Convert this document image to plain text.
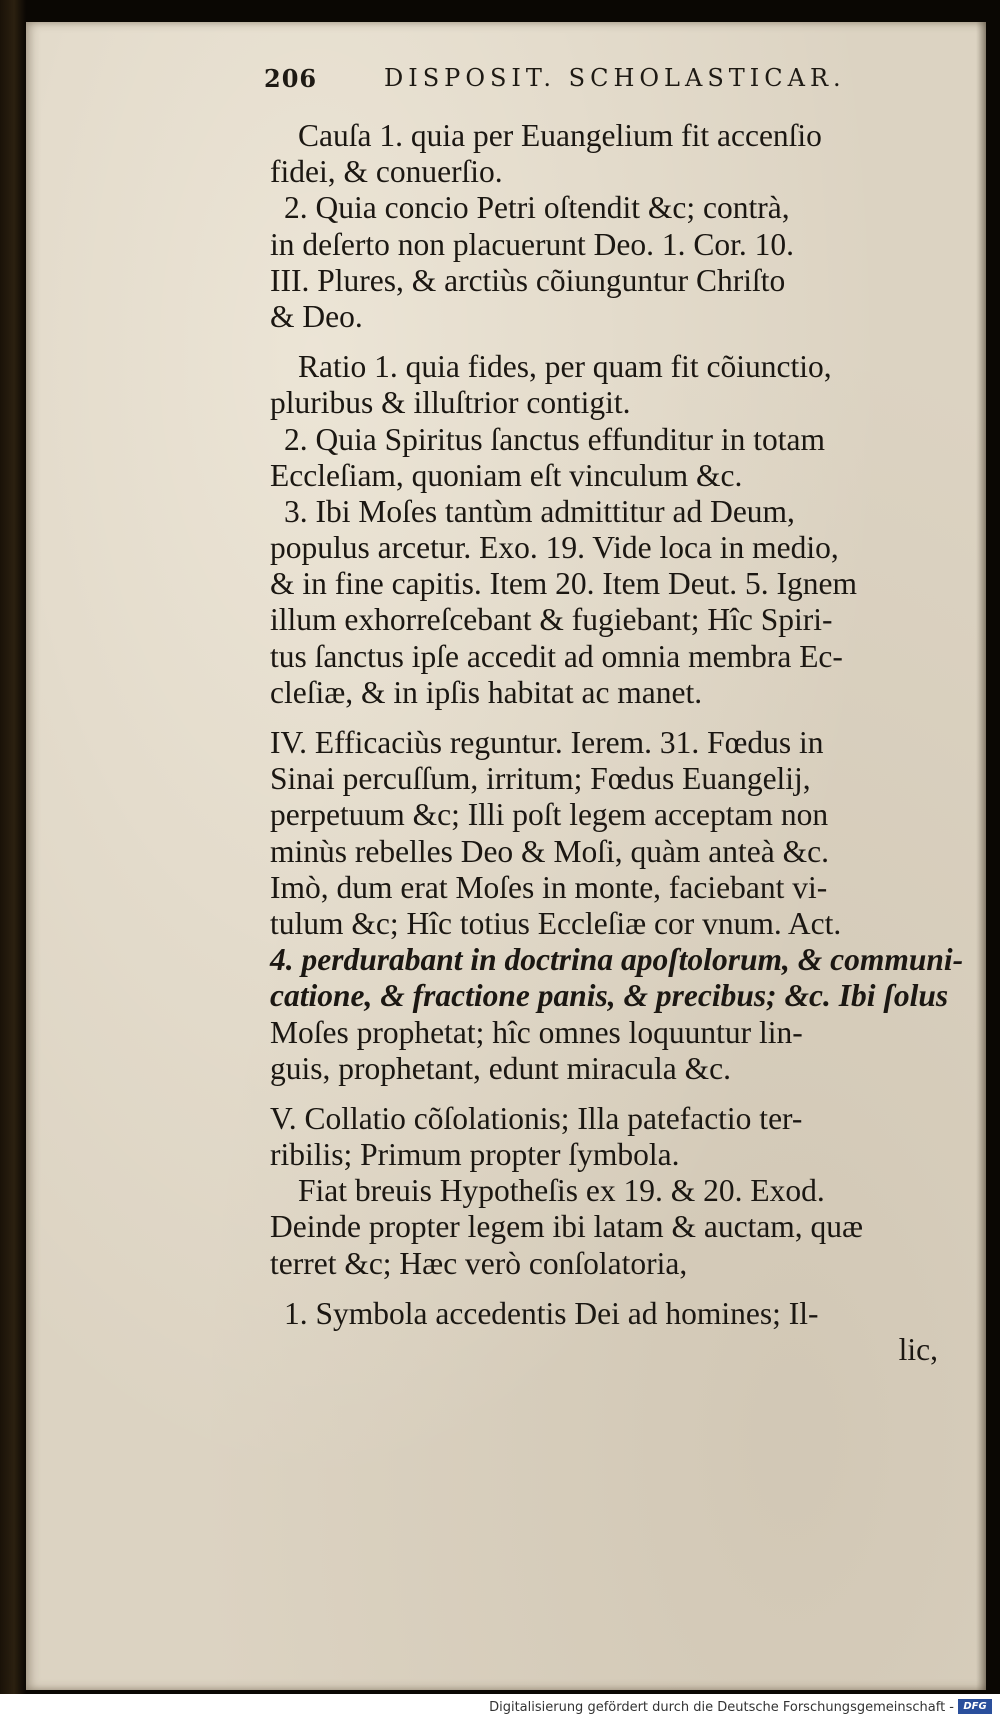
206	DISPOSIT. SCHOLASTICAR.
Cauſa 1. quia per Euangelium fit accenſio
fidei, & conuerſio.
2. Quia concio Petri oſtendit &c; contrà,
in deſerto non placuerunt Deo. 1. Cor. 10.
III. Plures, & arctiùs cõiunguntur Chriſto
& Deo.
Ratio 1. quia fides, per quam fit cõiunctio,
pluribus & illuſtrior contigit.
2. Quia Spiritus ſanctus effunditur in totam
Eccleſiam, quoniam eſt vinculum &c.
3. Ibi Moſes tantùm admittitur ad Deum,
populus arcetur. Exo. 19. Vide loca in medio,
& in fine capitis. Item 20. Item Deut. 5. Ignem
illum exhorreſcebant & fugiebant; Hîc Spiri-
tus ſanctus ipſe accedit ad omnia membra Ec-
cleſiæ, & in ipſis habitat ac manet.
IV. Efficaciùs reguntur. Ierem. 31. Fœdus in
Sinai percuſſum, irritum; Fœdus Euangelij,
perpetuum &c; Illi poſt legem acceptam non
minùs rebelles Deo & Moſi, quàm anteà &c.
Imò, dum erat Moſes in monte, faciebant vi-
tulum &c; Hîc totius Eccleſiæ cor vnum. Act.
4. perdurabant in doctrina apoſtolorum, & communi-
catione, & fractione panis, & precibus; &c. Ibi ſolus
Moſes prophetat; hîc omnes loquuntur lin-
guis, prophetant, edunt miracula &c.
V. Collatio cõſolationis; Illa patefactio ter-
ribilis; Primum propter ſymbola.
Fiat breuis Hypotheſis ex 19. & 20. Exod.
Deinde propter legem ibi latam & auctam, quæ
terret &c; Hæc verò conſolatoria,
1. Symbola accedentis Dei ad homines; Il-
lic,
Digitalisierung gefördert durch die Deutsche Forschungsgemeinschaft - DFG
